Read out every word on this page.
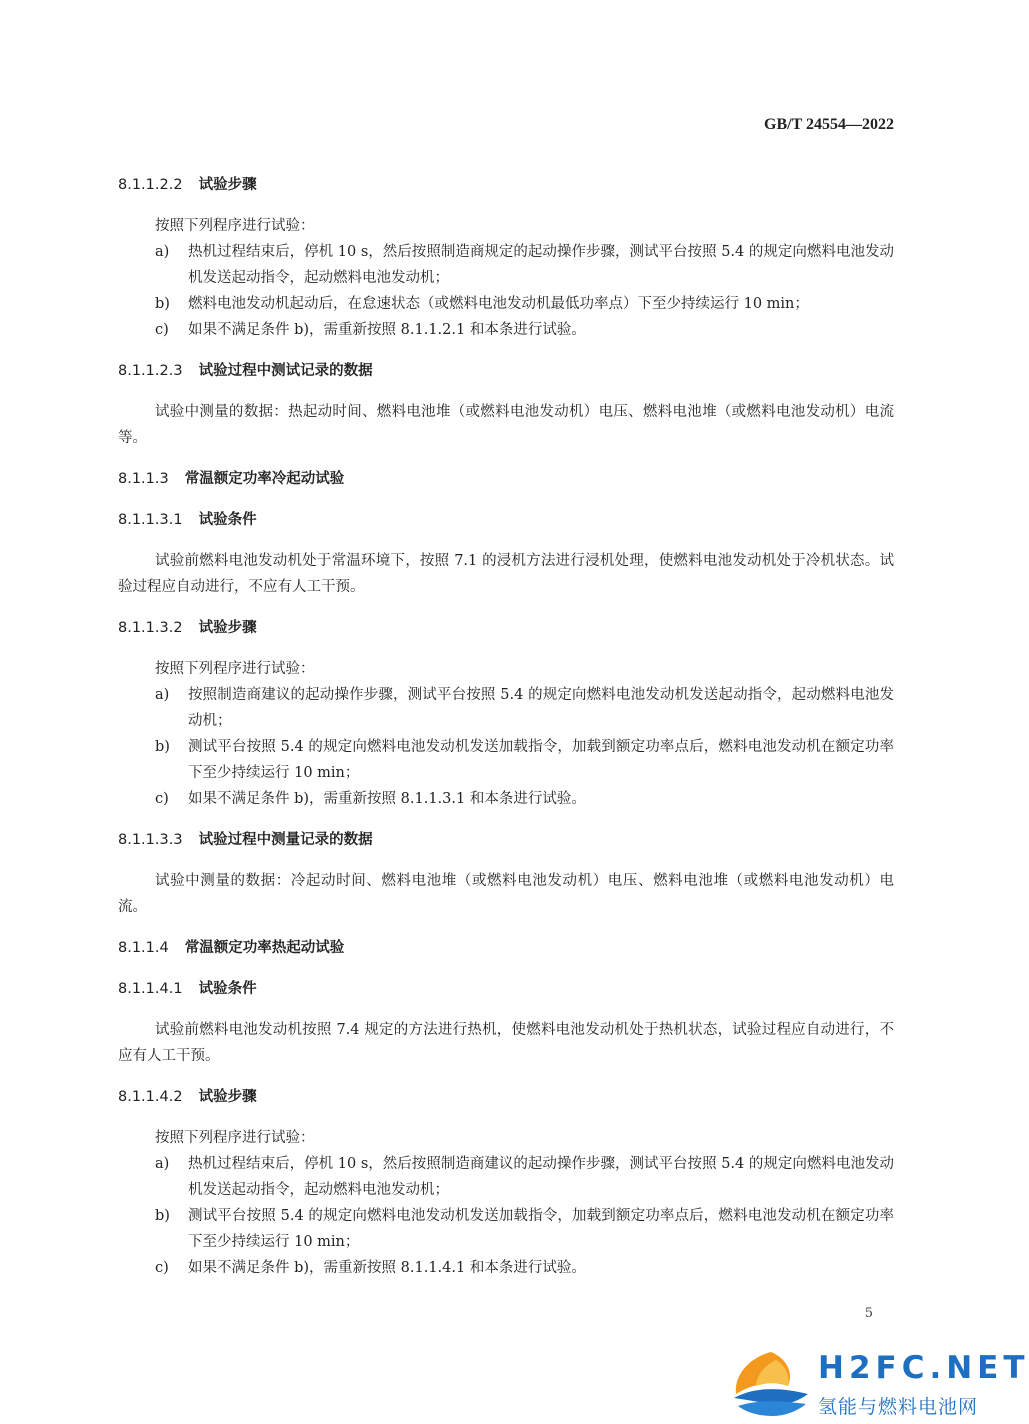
GB/T 24554—2022
8.1.1.2.2 试验步骤
按照下列程序进行试验：
a) 热机过程结束后，停机 10 s，然后按照制造商规定的起动操作步骤，测试平台按照 5.4 的规定向燃料电池发动机发送起动指令，起动燃料电池发动机；
b) 燃料电池发动机起动后，在怠速状态（或燃料电池发动机最低功率点）下至少持续运行 10 min；
c) 如果不满足条件 b)，需重新按照 8.1.1.2.1 和本条进行试验。
8.1.1.2.3 试验过程中测试记录的数据
试验中测量的数据：热起动时间、燃料电池堆（或燃料电池发动机）电压、燃料电池堆（或燃料电池发动机）电流等。
8.1.1.3 常温额定功率冷起动试验
8.1.1.3.1 试验条件
试验前燃料电池发动机处于常温环境下，按照 7.1 的浸机方法进行浸机处理，使燃料电池发动机处于冷机状态。试验过程应自动进行，不应有人工干预。
8.1.1.3.2 试验步骤
按照下列程序进行试验：
a) 按照制造商建议的起动操作步骤，测试平台按照 5.4 的规定向燃料电池发动机发送起动指令，起动燃料电池发动机；
b) 测试平台按照 5.4 的规定向燃料电池发动机发送加载指令，加载到额定功率点后，燃料电池发动机在额定功率下至少持续运行 10 min；
c) 如果不满足条件 b)，需重新按照 8.1.1.3.1 和本条进行试验。
8.1.1.3.3 试验过程中测量记录的数据
试验中测量的数据：冷起动时间、燃料电池堆（或燃料电池发动机）电压、燃料电池堆（或燃料电池发动机）电流。
8.1.1.4 常温额定功率热起动试验
8.1.1.4.1 试验条件
试验前燃料电池发动机按照 7.4 规定的方法进行热机，使燃料电池发动机处于热机状态，试验过程应自动进行，不应有人工干预。
8.1.1.4.2 试验步骤
按照下列程序进行试验：
a) 热机过程结束后，停机 10 s，然后按照制造商建议的起动操作步骤，测试平台按照 5.4 的规定向燃料电池发动机发送起动指令，起动燃料电池发动机；
b) 测试平台按照 5.4 的规定向燃料电池发动机发送加载指令，加载到额定功率点后，燃料电池发动机在额定功率下至少持续运行 10 min；
c) 如果不满足条件 b)，需重新按照 8.1.1.4.1 和本条进行试验。
5
H2FC.NET
氢能与燃料电池网
